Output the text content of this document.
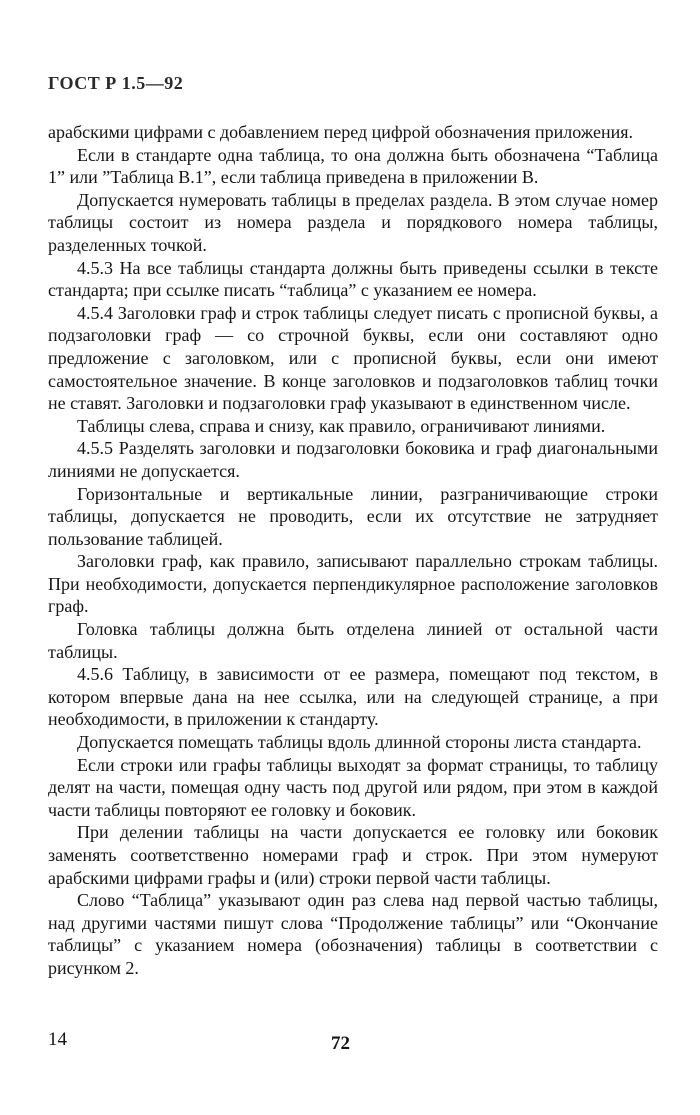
ГОСТ Р 1.5—92

арабскими цифрами с добавлением перед цифрой обозначения приложения.

Если в стандарте одна таблица, то она должна быть обозначена “Таблица 1” или ”Таблица В.1”, если таблица приведена в приложении В.

Допускается нумеровать таблицы в пределах раздела. В этом случае номер таблицы состоит из номера раздела и порядкового номера таблицы, разделенных точкой.

4.5.3 На все таблицы стандарта должны быть приведены ссылки в тексте стандарта; при ссылке писать “таблица” с указанием ее номера.

4.5.4 Заголовки граф и строк таблицы следует писать с прописной буквы, а подзаголовки граф — со строчной буквы, если они составляют одно предложение с заголовком, или с прописной буквы, если они имеют самостоятельное значение. В конце заголовков и подзаголовков таблиц точки не ставят. Заголовки и подзаголовки граф указывают в единственном числе.

Таблицы слева, справа и снизу, как правило, ограничивают линиями.

4.5.5 Разделять заголовки и подзаголовки боковика и граф диагональными линиями не допускается.

Горизонтальные и вертикальные линии, разграничивающие строки таблицы, допускается не проводить, если их отсутствие не затрудняет пользование таблицей.

Заголовки граф, как правило, записывают параллельно строкам таблицы. При необходимости, допускается перпендикулярное расположение заголовков граф.

Головка таблицы должна быть отделена линией от остальной части таблицы.

4.5.6 Таблицу, в зависимости от ее размера, помещают под текстом, в котором впервые дана на нее ссылка, или на следующей странице, а при необходимости, в приложении к стандарту.

Допускается помещать таблицы вдоль длинной стороны листа стандарта.

Если строки или графы таблицы выходят за формат страницы, то таблицу делят на части, помещая одну часть под другой или рядом, при этом в каждой части таблицы повторяют ее головку и боковик.

При делении таблицы на части допускается ее головку или боковик заменять соответственно номерами граф и строк. При этом нумеруют арабскими цифрами графы и (или) строки первой части таблицы.

Слово “Таблица” указывают один раз слева над первой частью таблицы, над другими частями пишут слова “Продолжение таблицы” или “Окончание таблицы” с указанием номера (обозначения) таблицы в соответствии с рисунком 2.

14	72
